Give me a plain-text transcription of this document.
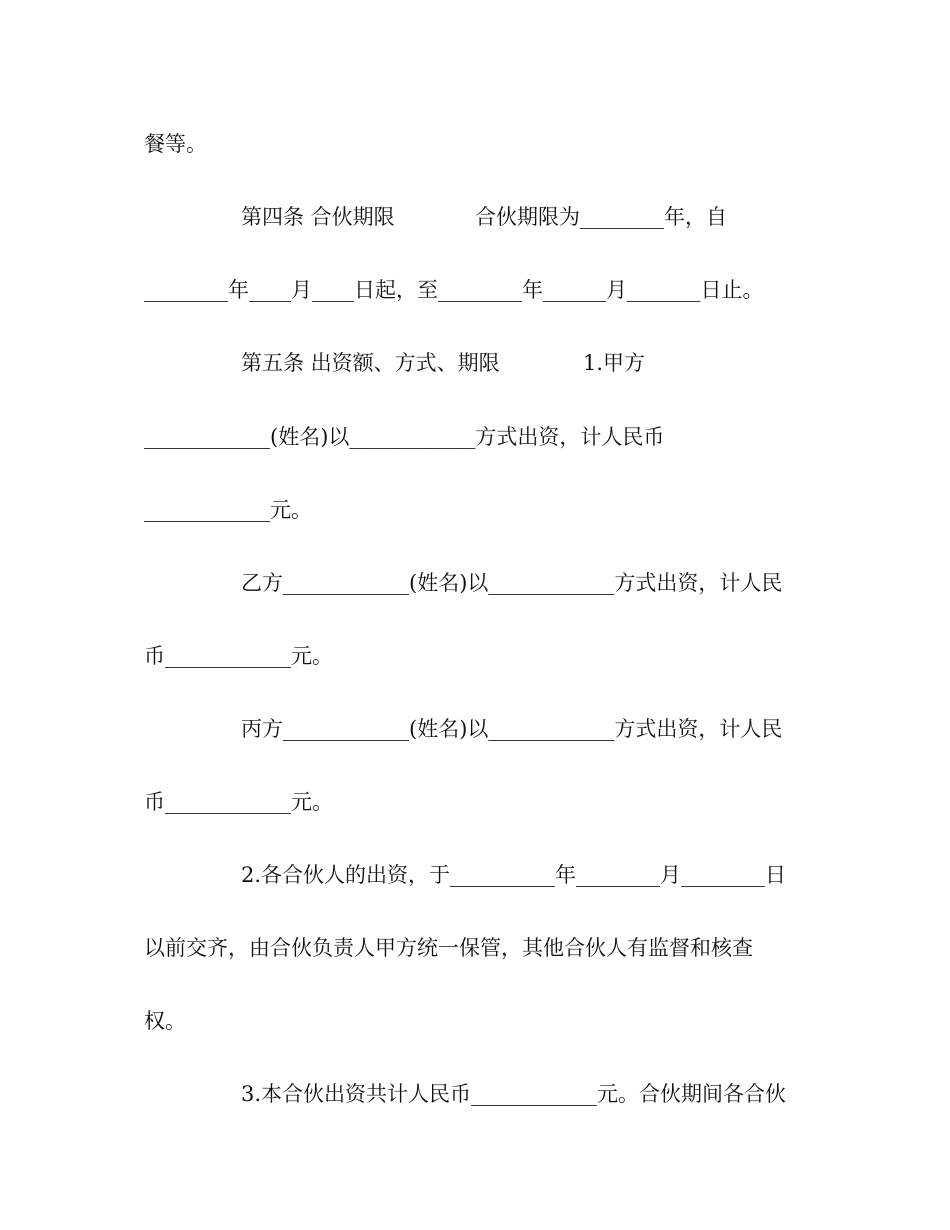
餐等。

第四条 合伙期限	合伙期限为________年，自

________年____月____日起，至________年______月_______日止。

第五条 出资额、方式、期限	1.甲方

____________(姓名)以____________方式出资，计人民币

____________元。

乙方____________(姓名)以____________方式出资，计人民

币____________元。

丙方____________(姓名)以____________方式出资，计人民

币____________元。

2.各合伙人的出资，于__________年________月________日

以前交齐，由合伙负责人甲方统一保管，其他合伙人有监督和核查

权。

3.本合伙出资共计人民币____________元。合伙期间各合伙
